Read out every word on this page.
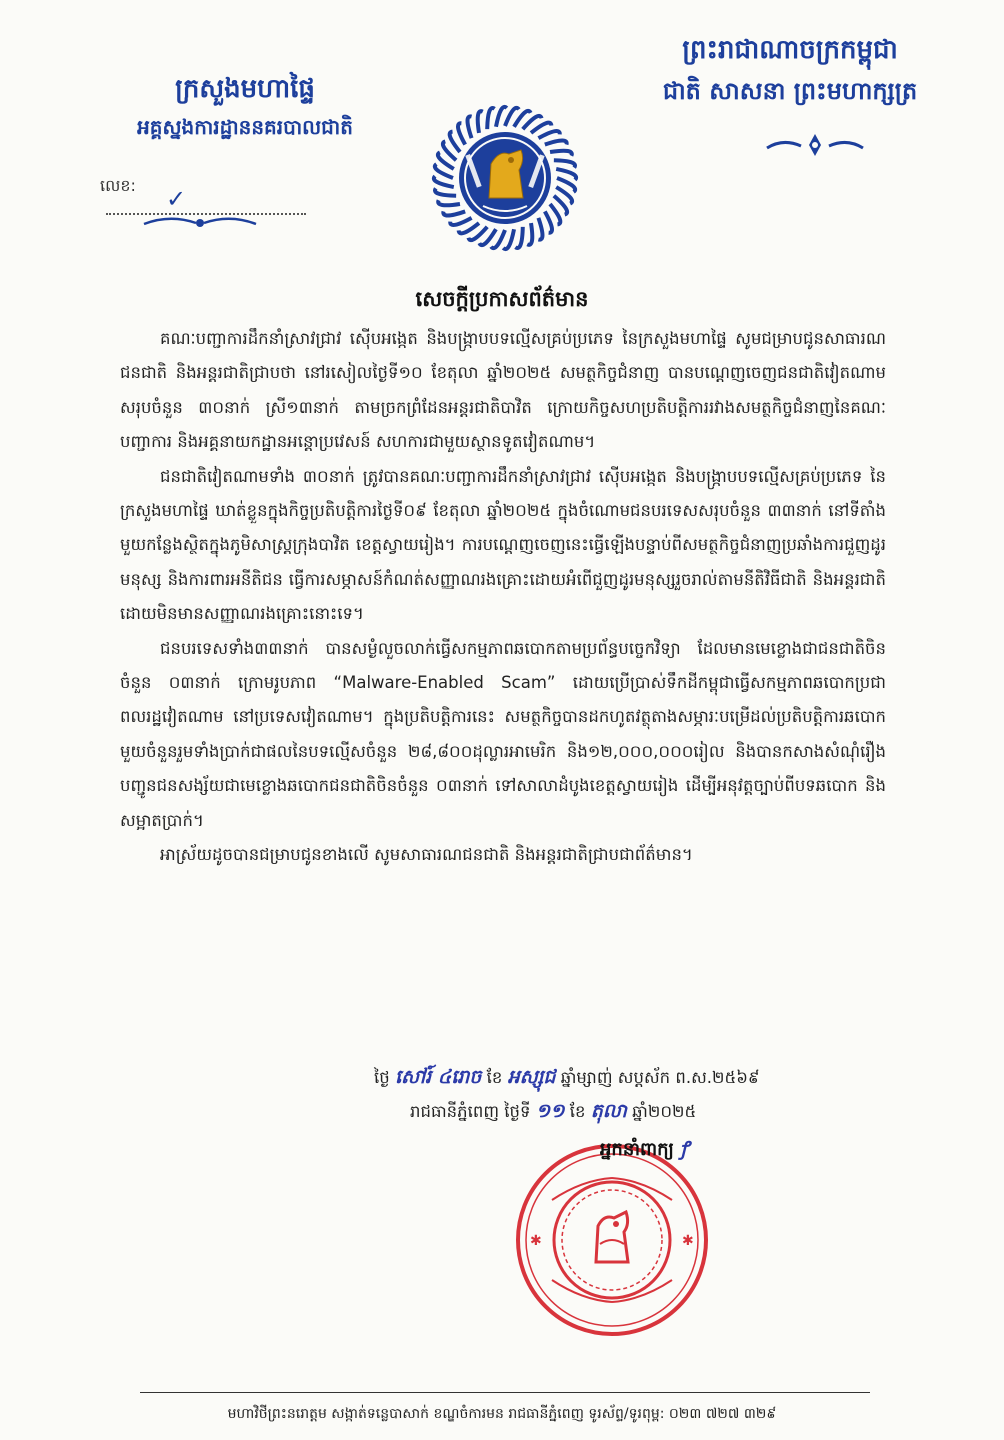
ក្រសួងមហាផ្ទៃ
អគ្គស្នងការដ្ឋាននគរបាលជាតិ
លេខ: ✓
ព្រះរាជាណាចក្រកម្ពុជា
ជាតិ សាសនា ព្រះមហាក្សត្រ
សេចក្តីប្រកាសព័ត៌មាន

គណៈបញ្ជាការដឹកនាំស្រាវជ្រាវ ស៊ើបអង្កេត និងបង្ក្រាបបទល្មើសគ្រប់ប្រភេទ នៃក្រសួងមហាផ្ទៃ សូមជម្រាបជូនសាធារណជនជាតិ និងអន្តរជាតិជ្រាបថា នៅរសៀលថ្ងៃទី១០ ខែតុលា ឆ្នាំ២០២៥ សមត្ថកិច្ចជំនាញ បានបណ្តេញចេញជនជាតិវៀតណាមសរុបចំនួន ៣០នាក់ ស្រី១៣នាក់ តាមច្រកព្រំដែនអន្តរជាតិបាវិត ក្រោយកិច្ចសហប្រតិបត្តិការរវាងសមត្ថកិច្ចជំនាញនៃគណៈបញ្ជាការ និងអគ្គនាយកដ្ឋានអន្តោប្រវេសន៍ សហការជាមួយស្ថានទូតវៀតណាម។

ជនជាតិវៀតណាមទាំង ៣០នាក់ ត្រូវបានគណៈបញ្ជាការដឹកនាំស្រាវជ្រាវ ស៊ើបអង្កេត និងបង្ក្រាបបទល្មើសគ្រប់ប្រភេទ នៃក្រសួងមហាផ្ទៃ ឃាត់ខ្លួនក្នុងកិច្ចប្រតិបត្តិការថ្ងៃទី០៩ ខែតុលា ឆ្នាំ២០២៥ ក្នុងចំណោមជនបរទេសសរុបចំនួន ៣៣នាក់ នៅទីតាំងមួយកន្លែងស្ថិតក្នុងភូមិសាស្រ្តក្រុងបាវិត ខេត្តស្វាយរៀង។ ការបណ្តេញចេញនេះធ្វើឡើងបន្ទាប់ពីសមត្ថកិច្ចជំនាញប្រឆាំងការជួញដូរមនុស្ស និងការពារអនីតិជន ធ្វើការសម្ភាសន៍កំណត់សញ្ញាណរងគ្រោះដោយអំពើជួញដូរមនុស្សរួចរាល់តាមនីតិវិធីជាតិ និងអន្តរជាតិ ដោយមិនមានសញ្ញាណរងគ្រោះនោះទេ។

ជនបរទេសទាំង៣៣នាក់ បានសម្ងំលួចលាក់ធ្វើសកម្មភាពឆបោកតាមប្រព័ន្ធបច្ចេកវិទ្យា ដែលមានមេខ្លោងជាជនជាតិចិនចំនួន ០៣នាក់ ក្រោមរូបភាព “Malware-Enabled Scam” ដោយប្រើប្រាស់ទឹកដីកម្ពុជាធ្វើសកម្មភាពឆបោកប្រជាពលរដ្ឋវៀតណាម នៅប្រទេសវៀតណាម។ ក្នុងប្រតិបត្តិការនេះ សមត្ថកិច្ចបានដកហូតវត្ថុតាងសម្ភារៈបម្រើដល់ប្រតិបត្តិការឆបោកមួយចំនួនរួមទាំងប្រាក់ជាផលនៃបទល្មើសចំនួន ២៨,៨០០ដុល្លារអាមេរិក និង១២,០០០,០០០រៀល និងបានកសាងសំណុំរឿងបញ្ជូនជនសង្ស័យជាមេខ្លោងឆបោកជនជាតិចិនចំនួន ០៣នាក់ ទៅសាលាដំបូងខេត្តស្វាយរៀង ដើម្បីអនុវត្តច្បាប់ពីបទឆបោក និងសម្អាតប្រាក់។

អាស្រ័យដូចបានជម្រាបជូនខាងលើ សូមសាធារណជនជាតិ និងអន្តរជាតិជ្រាបជាព័ត៌មាន។

ថ្ងៃ សៅរ៍ ៤រោច ខែ អស្សុជ ឆ្នាំម្សាញ់ សប្តស័ក ព.ស.២៥៦៩
រាជធានីភ្នំពេញ ថ្ងៃទី ១១ ខែ តុលា ឆ្នាំ២០២៥
✱	✱
អ្នកនាំពាក្យ ꝭ
មហាវិថីព្រះនរោត្តម សង្កាត់ទន្លេបាសាក់ ខណ្ឌចំការមន រាជធានីភ្នំពេញ ទូរស័ព្ទ/ទូរពុម្ព: ០២៣ ៧២៧ ៣២៩
